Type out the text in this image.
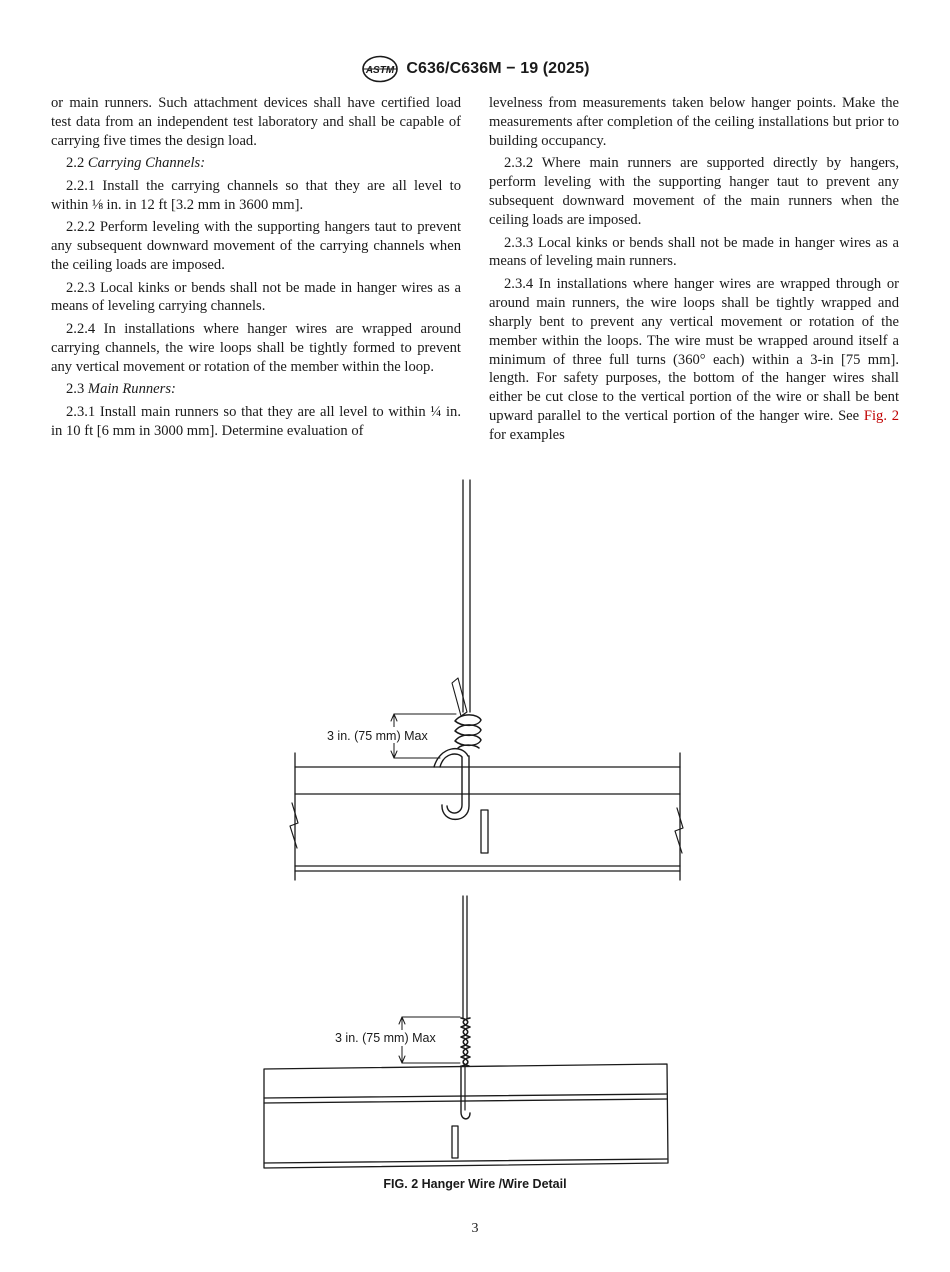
ASTM C636/C636M − 19 (2025)

or main runners. Such attachment devices shall have certified load test data from an independent test laboratory and shall be capable of carrying five times the design load.

2.2 Carrying Channels:

2.2.1 Install the carrying channels so that they are all level to within ⅛ in. in 12 ft [3.2 mm in 3600 mm].

2.2.2 Perform leveling with the supporting hangers taut to prevent any subsequent downward movement of the carrying channels when the ceiling loads are imposed.

2.2.3 Local kinks or bends shall not be made in hanger wires as a means of leveling carrying channels.

2.2.4 In installations where hanger wires are wrapped around carrying channels, the wire loops shall be tightly formed to prevent any vertical movement or rotation of the member within the loop.

2.3 Main Runners:

2.3.1 Install main runners so that they are all level to within ¼ in. in 10 ft [6 mm in 3000 mm]. Determine evaluation of

levelness from measurements taken below hanger points. Make the measurements after completion of the ceiling installations but prior to building occupancy.

2.3.2 Where main runners are supported directly by hangers, perform leveling with the supporting hanger taut to prevent any subsequent downward movement of the main runners when the ceiling loads are imposed.

2.3.3 Local kinks or bends shall not be made in hanger wires as a means of leveling main runners.

2.3.4 In installations where hanger wires are wrapped through or around main runners, the wire loops shall be tightly wrapped and sharply bent to prevent any vertical movement or rotation of the member within the loops. The wire must be wrapped around itself a minimum of three full turns (360° each) within a 3-in [75 mm]. length. For safety purposes, the bottom of the hanger wires shall either be cut close to the vertical portion of the wire or shall be bent upward parallel to the vertical portion of the hanger wire. See Fig. 2 for examples

3 in. (75 mm) Max
3 in. (75 mm) Max
FIG. 2 Hanger Wire /Wire Detail
3
